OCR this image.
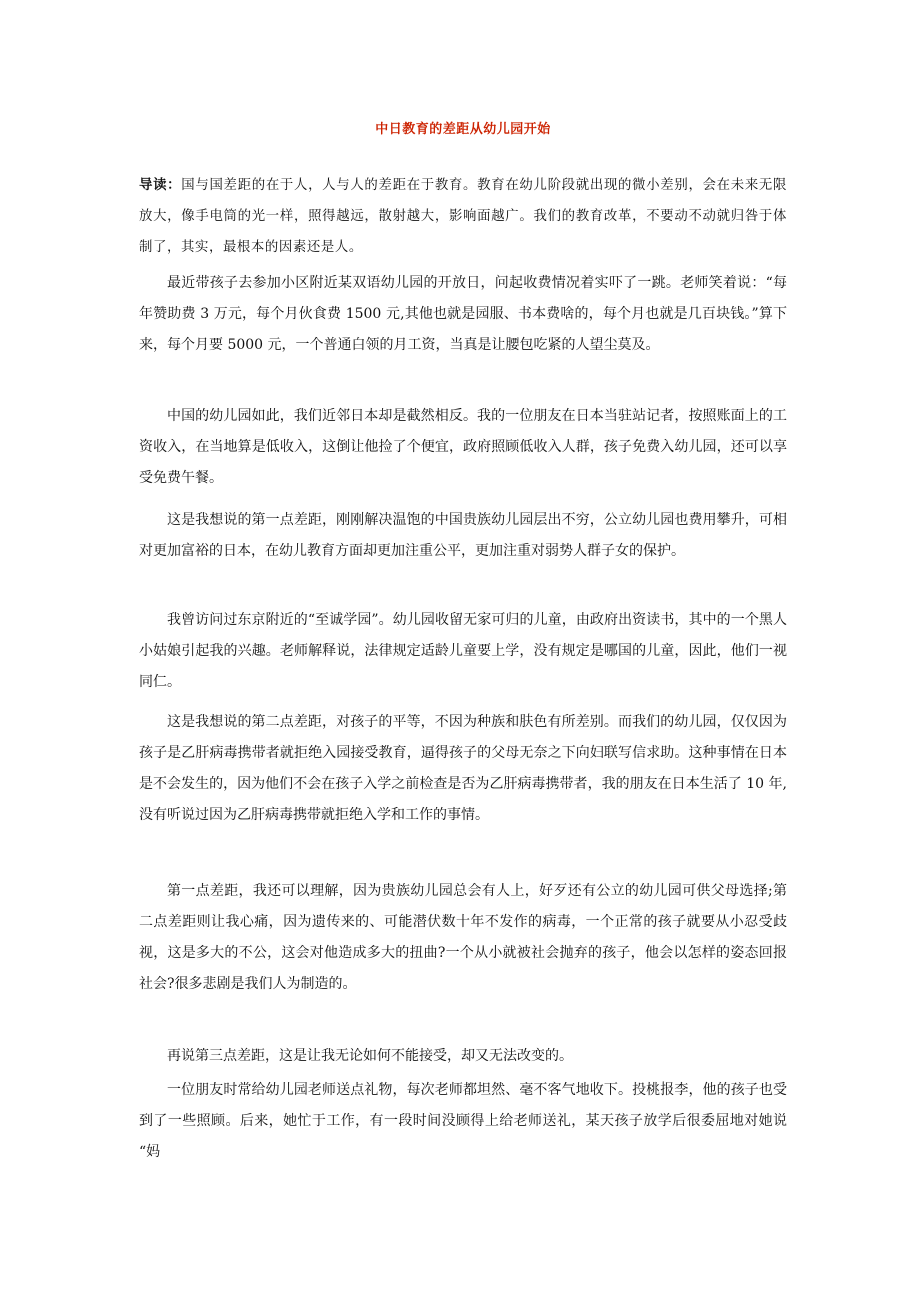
中日教育的差距从幼儿园开始

导读：国与国差距的在于人，人与人的差距在于教育。教育在幼儿阶段就出现的微小差别，会在未来无限放大，像手电筒的光一样，照得越远，散射越大，影响面越广。我们的教育改革，不要动不动就归咎于体制了，其实，最根本的因素还是人。

最近带孩子去参加小区附近某双语幼儿园的开放日，问起收费情况着实吓了一跳。老师笑着说：“每年赞助费 3 万元，每个月伙食费 1500 元,其他也就是园服、书本费啥的，每个月也就是几百块钱。”算下来，每个月要 5000 元，一个普通白领的月工资，当真是让腰包吃紧的人望尘莫及。

中国的幼儿园如此，我们近邻日本却是截然相反。我的一位朋友在日本当驻站记者，按照账面上的工资收入，在当地算是低收入，这倒让他捡了个便宜，政府照顾低收入人群，孩子免费入幼儿园，还可以享受免费午餐。

这是我想说的第一点差距，刚刚解决温饱的中国贵族幼儿园层出不穷，公立幼儿园也费用攀升，可相对更加富裕的日本，在幼儿教育方面却更加注重公平，更加注重对弱势人群子女的保护。

我曾访问过东京附近的“至诚学园”。幼儿园收留无家可归的儿童，由政府出资读书，其中的一个黑人小姑娘引起我的兴趣。老师解释说，法律规定适龄儿童要上学，没有规定是哪国的儿童，因此，他们一视同仁。

这是我想说的第二点差距，对孩子的平等，不因为种族和肤色有所差别。而我们的幼儿园，仅仅因为孩子是乙肝病毒携带者就拒绝入园接受教育，逼得孩子的父母无奈之下向妇联写信求助。这种事情在日本是不会发生的，因为他们不会在孩子入学之前检查是否为乙肝病毒携带者，我的朋友在日本生活了 10 年,没有听说过因为乙肝病毒携带就拒绝入学和工作的事情。

第一点差距，我还可以理解，因为贵族幼儿园总会有人上，好歹还有公立的幼儿园可供父母选择;第二点差距则让我心痛，因为遗传来的、可能潜伏数十年不发作的病毒，一个正常的孩子就要从小忍受歧视，这是多大的不公，这会对他造成多大的扭曲?一个从小就被社会抛弃的孩子，他会以怎样的姿态回报社会?很多悲剧是我们人为制造的。

再说第三点差距，这是让我无论如何不能接受，却又无法改变的。

一位朋友时常给幼儿园老师送点礼物，每次老师都坦然、毫不客气地收下。投桃报李，他的孩子也受到了一些照顾。后来，她忙于工作，有一段时间没顾得上给老师送礼，某天孩子放学后很委屈地对她说 “妈
